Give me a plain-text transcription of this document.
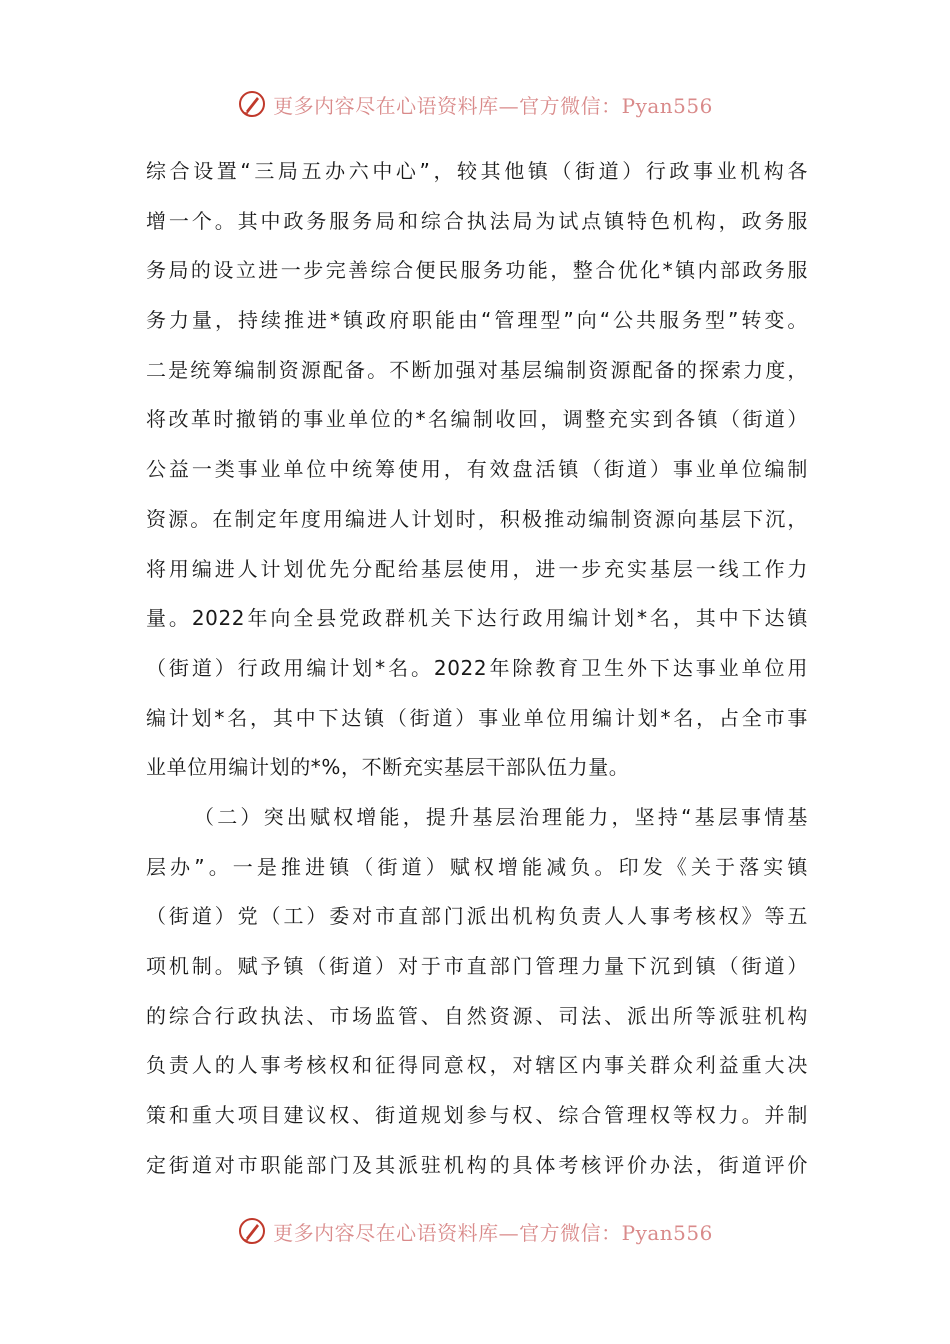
更多内容尽在心语资料库—官方微信：Pyan556
综合设置“三局五办六中心”，较其他镇（街道）行政事业机构各
增一个。其中政务服务局和综合执法局为试点镇特色机构，政务服
务局的设立进一步完善综合便民服务功能，整合优化*镇内部政务服
务力量，持续推进*镇政府职能由“管理型”向“公共服务型”转变。
二是统筹编制资源配备。不断加强对基层编制资源配备的探索力度，
将改革时撤销的事业单位的*名编制收回，调整充实到各镇（街道）
公益一类事业单位中统筹使用，有效盘活镇（街道）事业单位编制
资源。在制定年度用编进人计划时，积极推动编制资源向基层下沉，
将用编进人计划优先分配给基层使用，进一步充实基层一线工作力
量。2022年向全县党政群机关下达行政用编计划*名，其中下达镇
（街道）行政用编计划*名。2022年除教育卫生外下达事业单位用
编计划*名，其中下达镇（街道）事业单位用编计划*名，占全市事
业单位用编计划的*%，不断充实基层干部队伍力量。
（二）突出赋权增能，提升基层治理能力，坚持“基层事情基
层办”。一是推进镇（街道）赋权增能减负。印发《关于落实镇
（街道）党（工）委对市直部门派出机构负责人人事考核权》等五
项机制。赋予镇（街道）对于市直部门管理力量下沉到镇（街道）
的综合行政执法、市场监管、自然资源、司法、派出所等派驻机构
负责人的人事考核权和征得同意权，对辖区内事关群众利益重大决
策和重大项目建议权、街道规划参与权、综合管理权等权力。并制
定街道对市职能部门及其派驻机构的具体考核评价办法，街道评价
更多内容尽在心语资料库—官方微信：Pyan556
